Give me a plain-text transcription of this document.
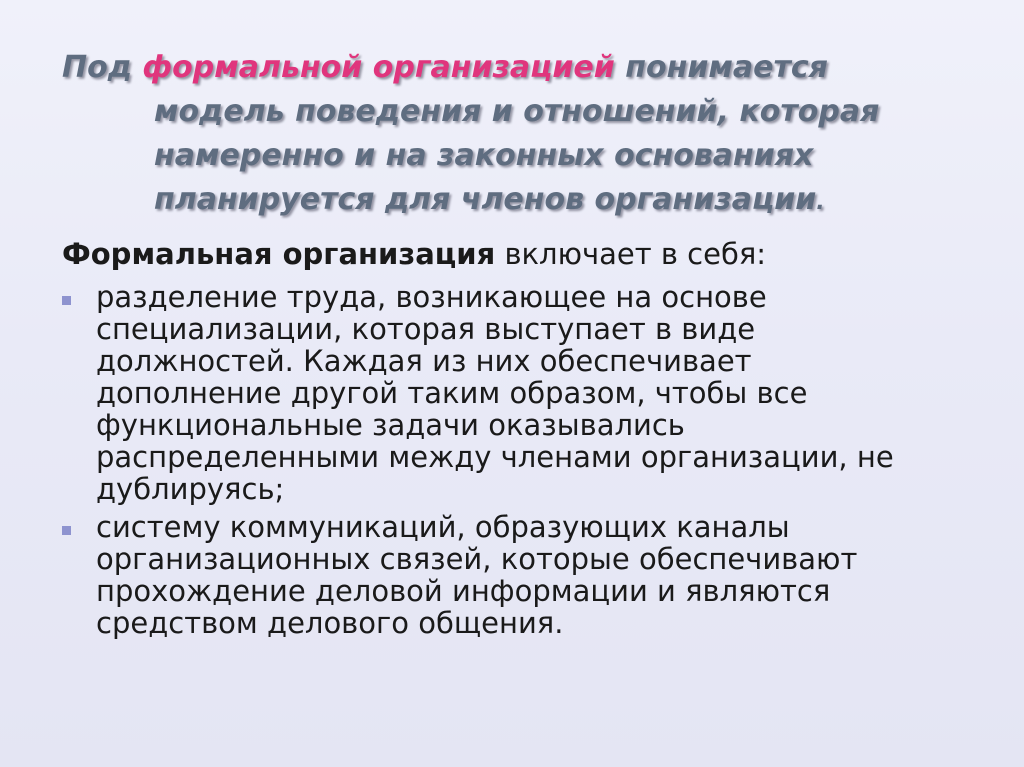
Под формальной организацией понимается
модель поведения и отношений, которая
намеренно и на законных основаниях
планируется для членов организации.

Формальная организация включает в себя:

разделение труда, возникающее на основе
специализации, которая выступает в виде
должностей. Каждая из них обеспечивает
дополнение другой таким образом, чтобы все
функциональные задачи оказывались
распределенными между членами организации, не
дублируясь;
систему коммуникаций, образующих каналы
организационных связей, которые обеспечивают
прохождение деловой информации и являются
средством делового общения.
